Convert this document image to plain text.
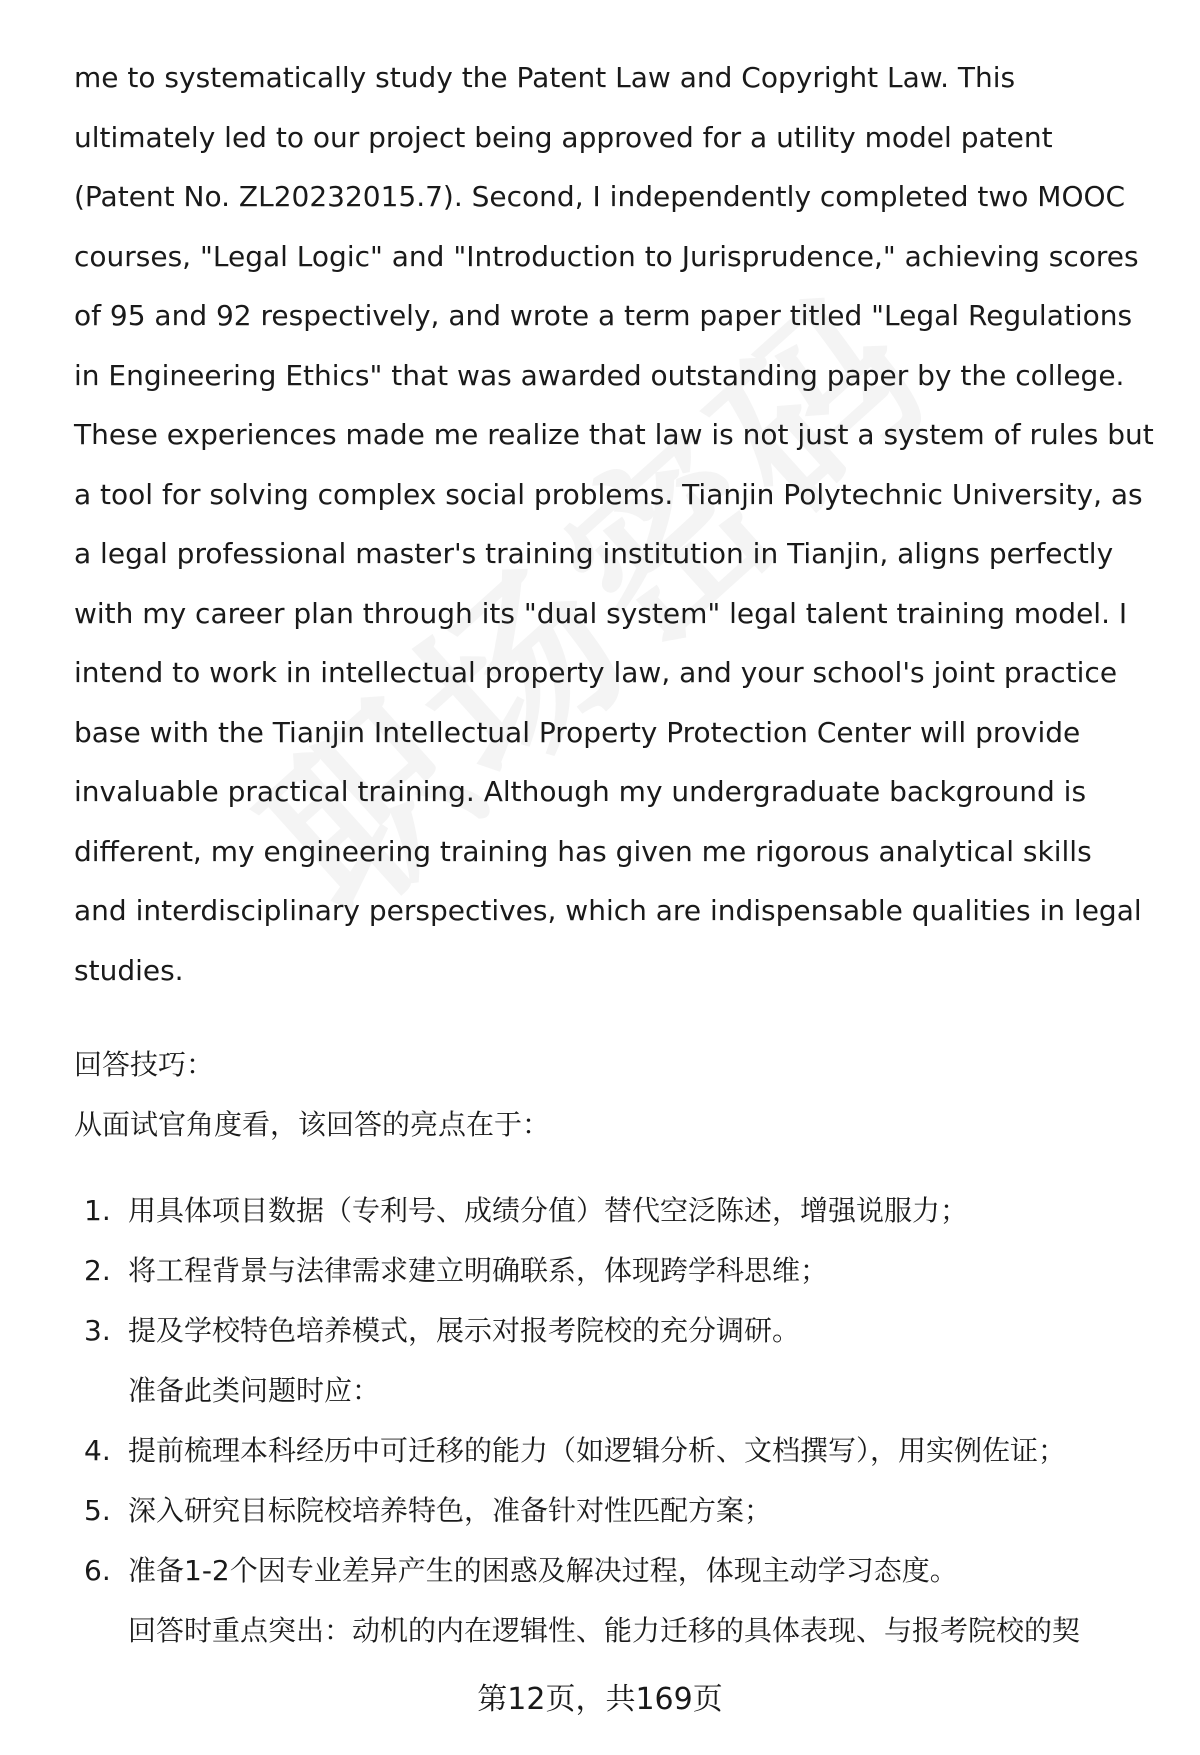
me to systematically study the Patent Law and Copyright Law. This
ultimately led to our project being approved for a utility model patent
(Patent No. ZL20232015.7). Second, I independently completed two MOOC
courses, "Legal Logic" and "Introduction to Jurisprudence," achieving scores
of 95 and 92 respectively, and wrote a term paper titled "Legal Regulations
in Engineering Ethics" that was awarded outstanding paper by the college.
These experiences made me realize that law is not just a system of rules but
a tool for solving complex social problems. Tianjin Polytechnic University, as
a legal professional master's training institution in Tianjin, aligns perfectly
with my career plan through its "dual system" legal talent training model. I
intend to work in intellectual property law, and your school's joint practice
base with the Tianjin Intellectual Property Protection Center will provide
invaluable practical training. Although my undergraduate background is
different, my engineering training has given me rigorous analytical skills
and interdisciplinary perspectives, which are indispensable qualities in legal
studies.

回答技巧：
从面试官角度看，该回答的亮点在于：
1. 用具体项目数据（专利号、成绩分值）替代空泛陈述，增强说服力；
2. 将工程背景与法律需求建立明确联系，体现跨学科思维；
3. 提及学校特色培养模式，展示对报考院校的充分调研。
准备此类问题时应：
4. 提前梳理本科经历中可迁移的能力（如逻辑分析、文档撰写），用实例佐证；
5. 深入研究目标院校培养特色，准备针对性匹配方案；
6. 准备1-2个因专业差异产生的困惑及解决过程，体现主动学习态度。
回答时重点突出：动机的内在逻辑性、能力迁移的具体表现、与报考院校的契
第12页，共169页
